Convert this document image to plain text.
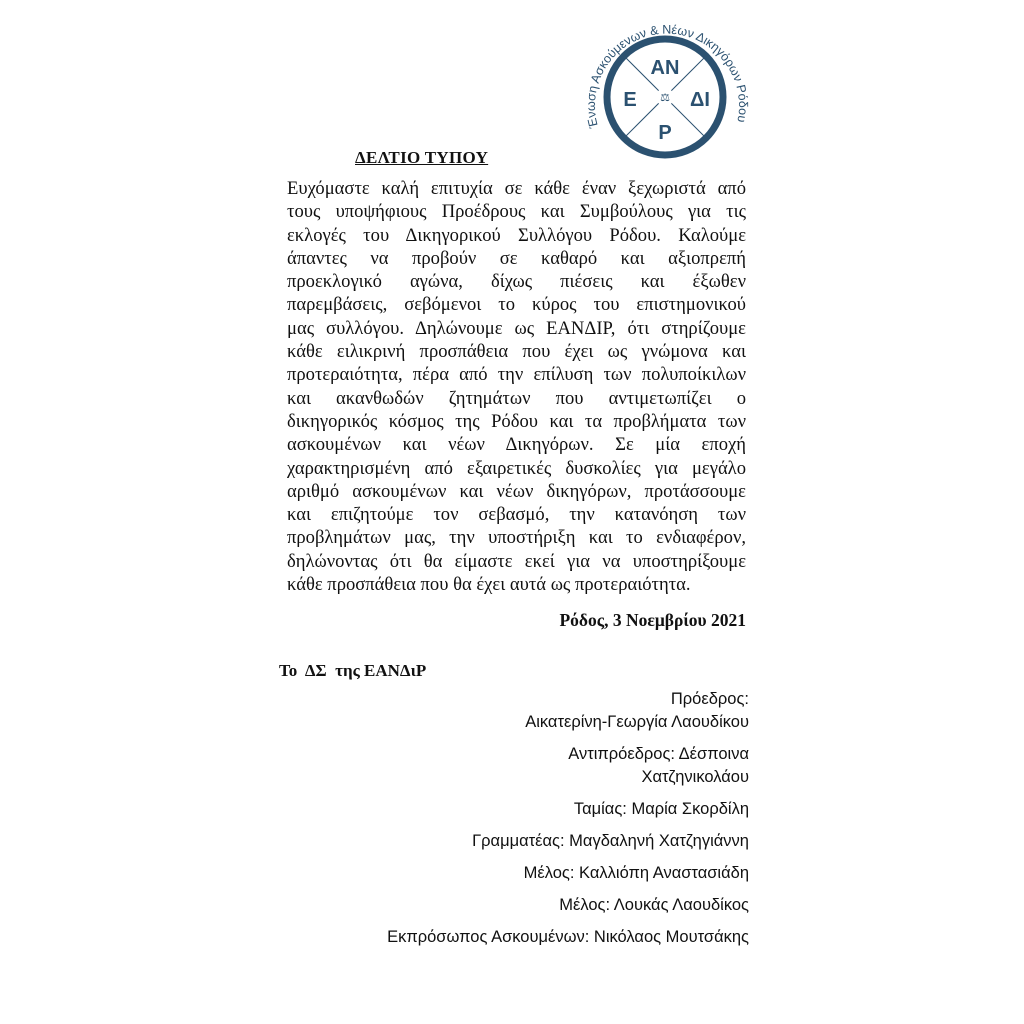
Ένωση Ασκούμενων & Νέων Δικηγόρων Ρόδου
⚖
ΑΝ
Ε	ΔΙ
Ρ
ΔΕΛΤΙΟ ΤΥΠΟΥ
Ευχόμαστε καλή επιτυχία σε κάθε έναν ξεχωριστά από
τους υποψήφιους Προέδρους και Συμβούλους για τις
εκλογές του Δικηγορικού Συλλόγου Ρόδου. Καλούμε
άπαντες να προβούν σε καθαρό και αξιοπρεπή
προεκλογικό αγώνα, δίχως πιέσεις και έξωθεν
παρεμβάσεις, σεβόμενοι το κύρος του επιστημονικού
μας συλλόγου. Δηλώνουμε ως ΕΑΝΔΙΡ, ότι στηρίζουμε
κάθε ειλικρινή προσπάθεια που έχει ως γνώμονα και
προτεραιότητα, πέρα από την επίλυση των πολυποίκιλων
και ακανθωδών ζητημάτων που αντιμετωπίζει ο
δικηγορικός κόσμος της Ρόδου και τα προβλήματα των
ασκουμένων και νέων Δικηγόρων. Σε μία εποχή
χαρακτηρισμένη από εξαιρετικές δυσκολίες για μεγάλο
αριθμό ασκουμένων και νέων δικηγόρων, προτάσσουμε
και επιζητούμε τον σεβασμό, την κατανόηση των
προβλημάτων μας, την υποστήριξη και το ενδιαφέρον,
δηλώνοντας ότι θα είμαστε εκεί για να υποστηρίξουμε
κάθε προσπάθεια που θα έχει αυτά ως προτεραιότητα.
Ρόδος, 3 Νοεμβρίου 2021
Το  ΔΣ  της ΕΑΝΔιΡ
Πρόεδρος:
Αικατερίνη-Γεωργία Λαουδίκου
Αντιπρόεδρος: Δέσποινα
Χατζηνικολάου
Ταμίας: Μαρία Σκορδίλη
Γραμματέας: Μαγδαληνή Χατζηγιάννη
Μέλος: Καλλιόπη Αναστασιάδη
Μέλος: Λουκάς Λαουδίκος
Εκπρόσωπος Ασκουμένων: Νικόλαος Μουτσάκης
